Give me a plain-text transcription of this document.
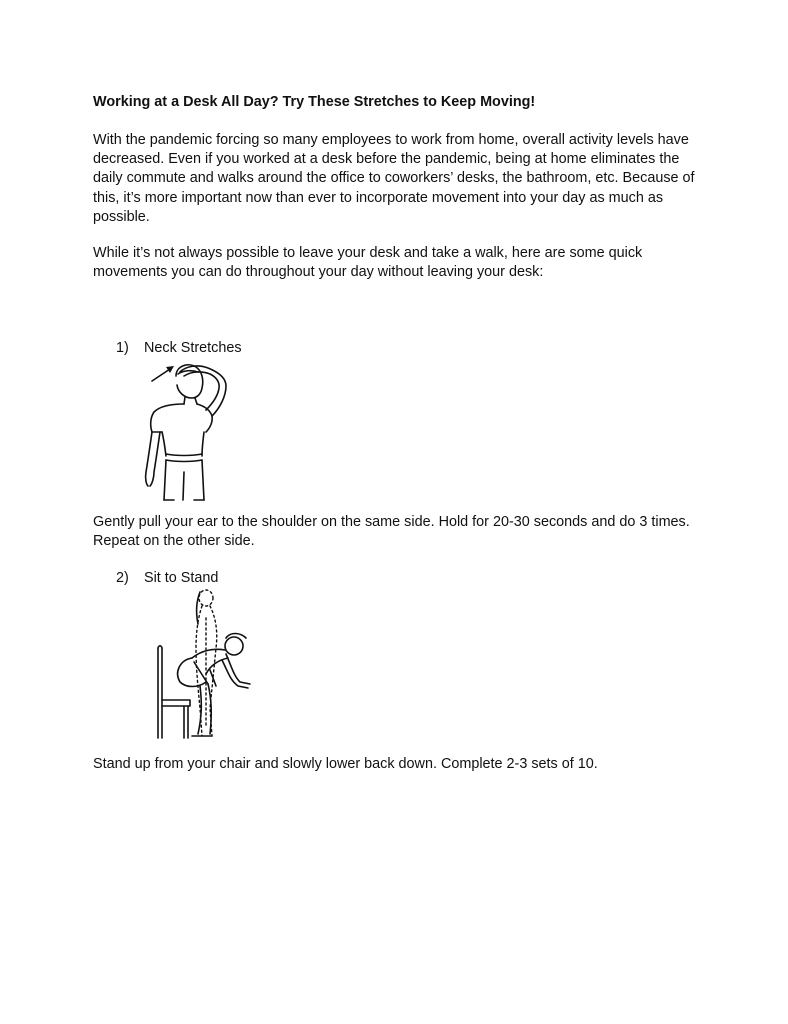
Working at a Desk All Day? Try These Stretches to Keep Moving!

With the pandemic forcing so many employees to work from home, overall activity levels have
decreased. Even if you worked at a desk before the pandemic, being at home eliminates the
daily commute and walks around the office to coworkers’ desks, the bathroom, etc. Because of
this, it’s more important now than ever to incorporate movement into your day as much as
possible.

While it’s not always possible to leave your desk and take a walk, here are some quick
movements you can do throughout your day without leaving your desk:

1) Neck Stretches

Gently pull your ear to the shoulder on the same side. Hold for 20-30 seconds and do 3 times.
Repeat on the other side.

2) Sit to Stand

Stand up from your chair and slowly lower back down. Complete 2-3 sets of 10.
